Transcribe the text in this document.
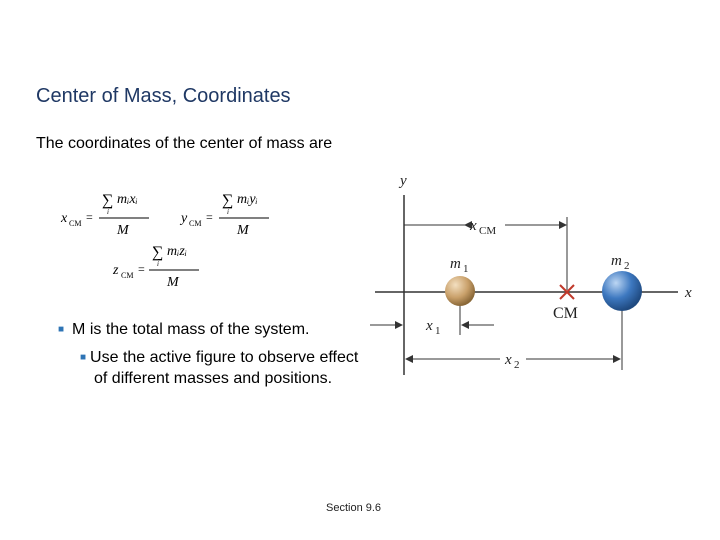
Center of Mass, Coordinates
The coordinates of the center of mass are
x CM =
∑
i
mᵢxᵢ
M
y CM =
∑
i
mᵢyᵢ
M
z CM =
∑
i
mᵢzᵢ
M
■ M is the total mass of the system.
■ Use the active figure to observe effect of different masses and positions.
y
x
x CM
m 1
CM
m 2
x 1
x 2
Section 9.6
